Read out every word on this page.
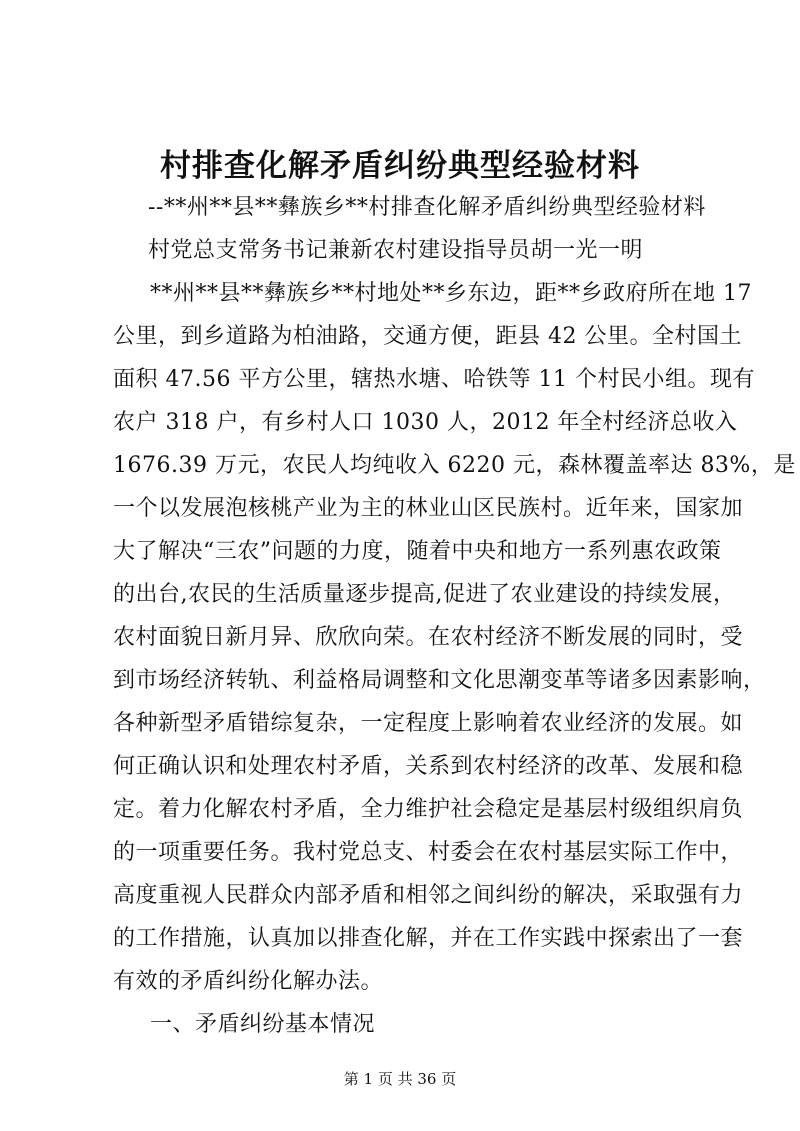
村排查化解矛盾纠纷典型经验材料

--**州**县**彝族乡**村排查化解矛盾纠纷典型经验材料

村党总支常务书记兼新农村建设指导员胡一光一明

**州**县**彝族乡**村地处**乡东边，距**乡政府所在地 17

公里，到乡道路为柏油路，交通方便，距县 42 公里。全村国土

面积 47.56 平方公里，辖热水塘、哈铁等 11 个村民小组。现有

农户 318 户，有乡村人口 1030 人，2012 年全村经济总收入

1676.39 万元，农民人均纯收入 6220 元，森林覆盖率达 83%，是

一个以发展泡核桃产业为主的林业山区民族村。近年来，国家加

大了解决“三农”问题的力度，随着中央和地方一系列惠农政策

的出台,农民的生活质量逐步提高,促进了农业建设的持续发展，

农村面貌日新月异、欣欣向荣。在农村经济不断发展的同时，受

到市场经济转轨、利益格局调整和文化思潮变革等诸多因素影响，

各种新型矛盾错综复杂，一定程度上影响着农业经济的发展。如

何正确认识和处理农村矛盾，关系到农村经济的改革、发展和稳

定。着力化解农村矛盾，全力维护社会稳定是基层村级组织肩负

的一项重要任务。我村党总支、村委会在农村基层实际工作中，

高度重视人民群众内部矛盾和相邻之间纠纷的解决，采取强有力

的工作措施，认真加以排查化解，并在工作实践中探索出了一套

有效的矛盾纠纷化解办法。

一、矛盾纠纷基本情况

第 1 页 共 36 页
